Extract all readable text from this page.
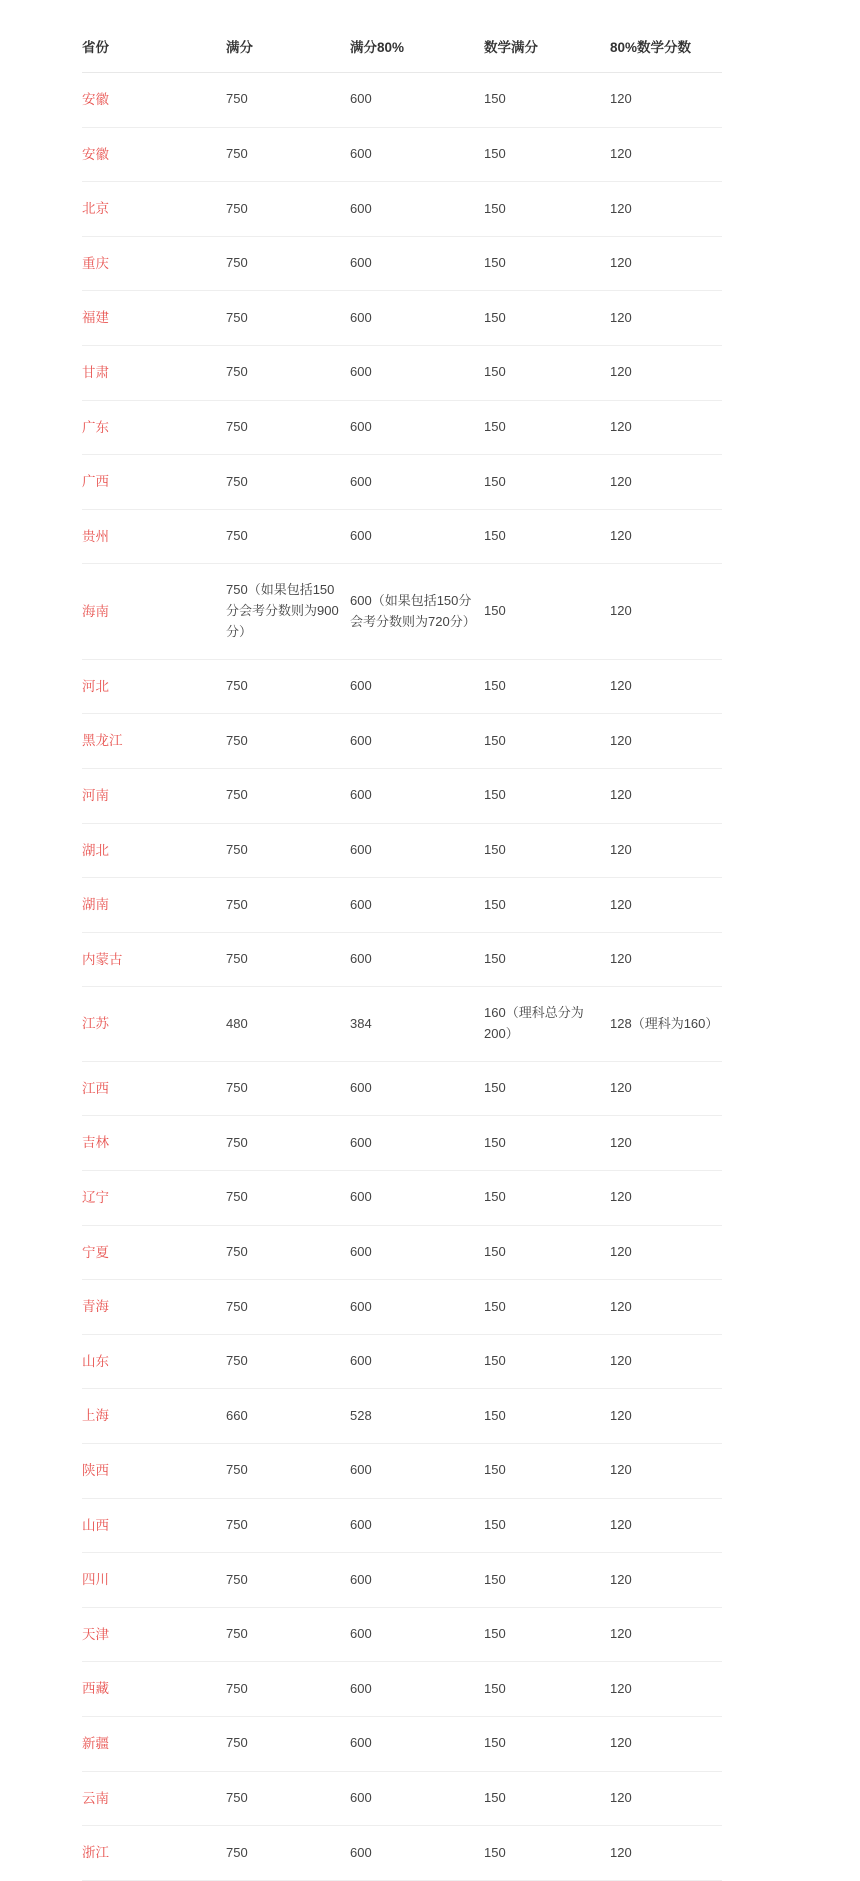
省份	满分	满分80%	数学满分	80%数学分数
安徽	750	600	150	120
安徽	750	600	150	120
北京	750	600	150	120
重庆	750	600	150	120
福建	750	600	150	120
甘肃	750	600	150	120
广东	750	600	150	120
广西	750	600	150	120
贵州	750	600	150	120
海南	750（如果包括150分会考分数则为900分）	600（如果包括150分会考分数则为720分）	150	120
河北	750	600	150	120
黑龙江	750	600	150	120
河南	750	600	150	120
湖北	750	600	150	120
湖南	750	600	150	120
内蒙古	750	600	150	120
江苏	480	384	160（理科总分为200）	128（理科为160）
江西	750	600	150	120
吉林	750	600	150	120
辽宁	750	600	150	120
宁夏	750	600	150	120
青海	750	600	150	120
山东	750	600	150	120
上海	660	528	150	120
陕西	750	600	150	120
山西	750	600	150	120
四川	750	600	150	120
天津	750	600	150	120
西藏	750	600	150	120
新疆	750	600	150	120
云南	750	600	150	120
浙江	750	600	150	120
